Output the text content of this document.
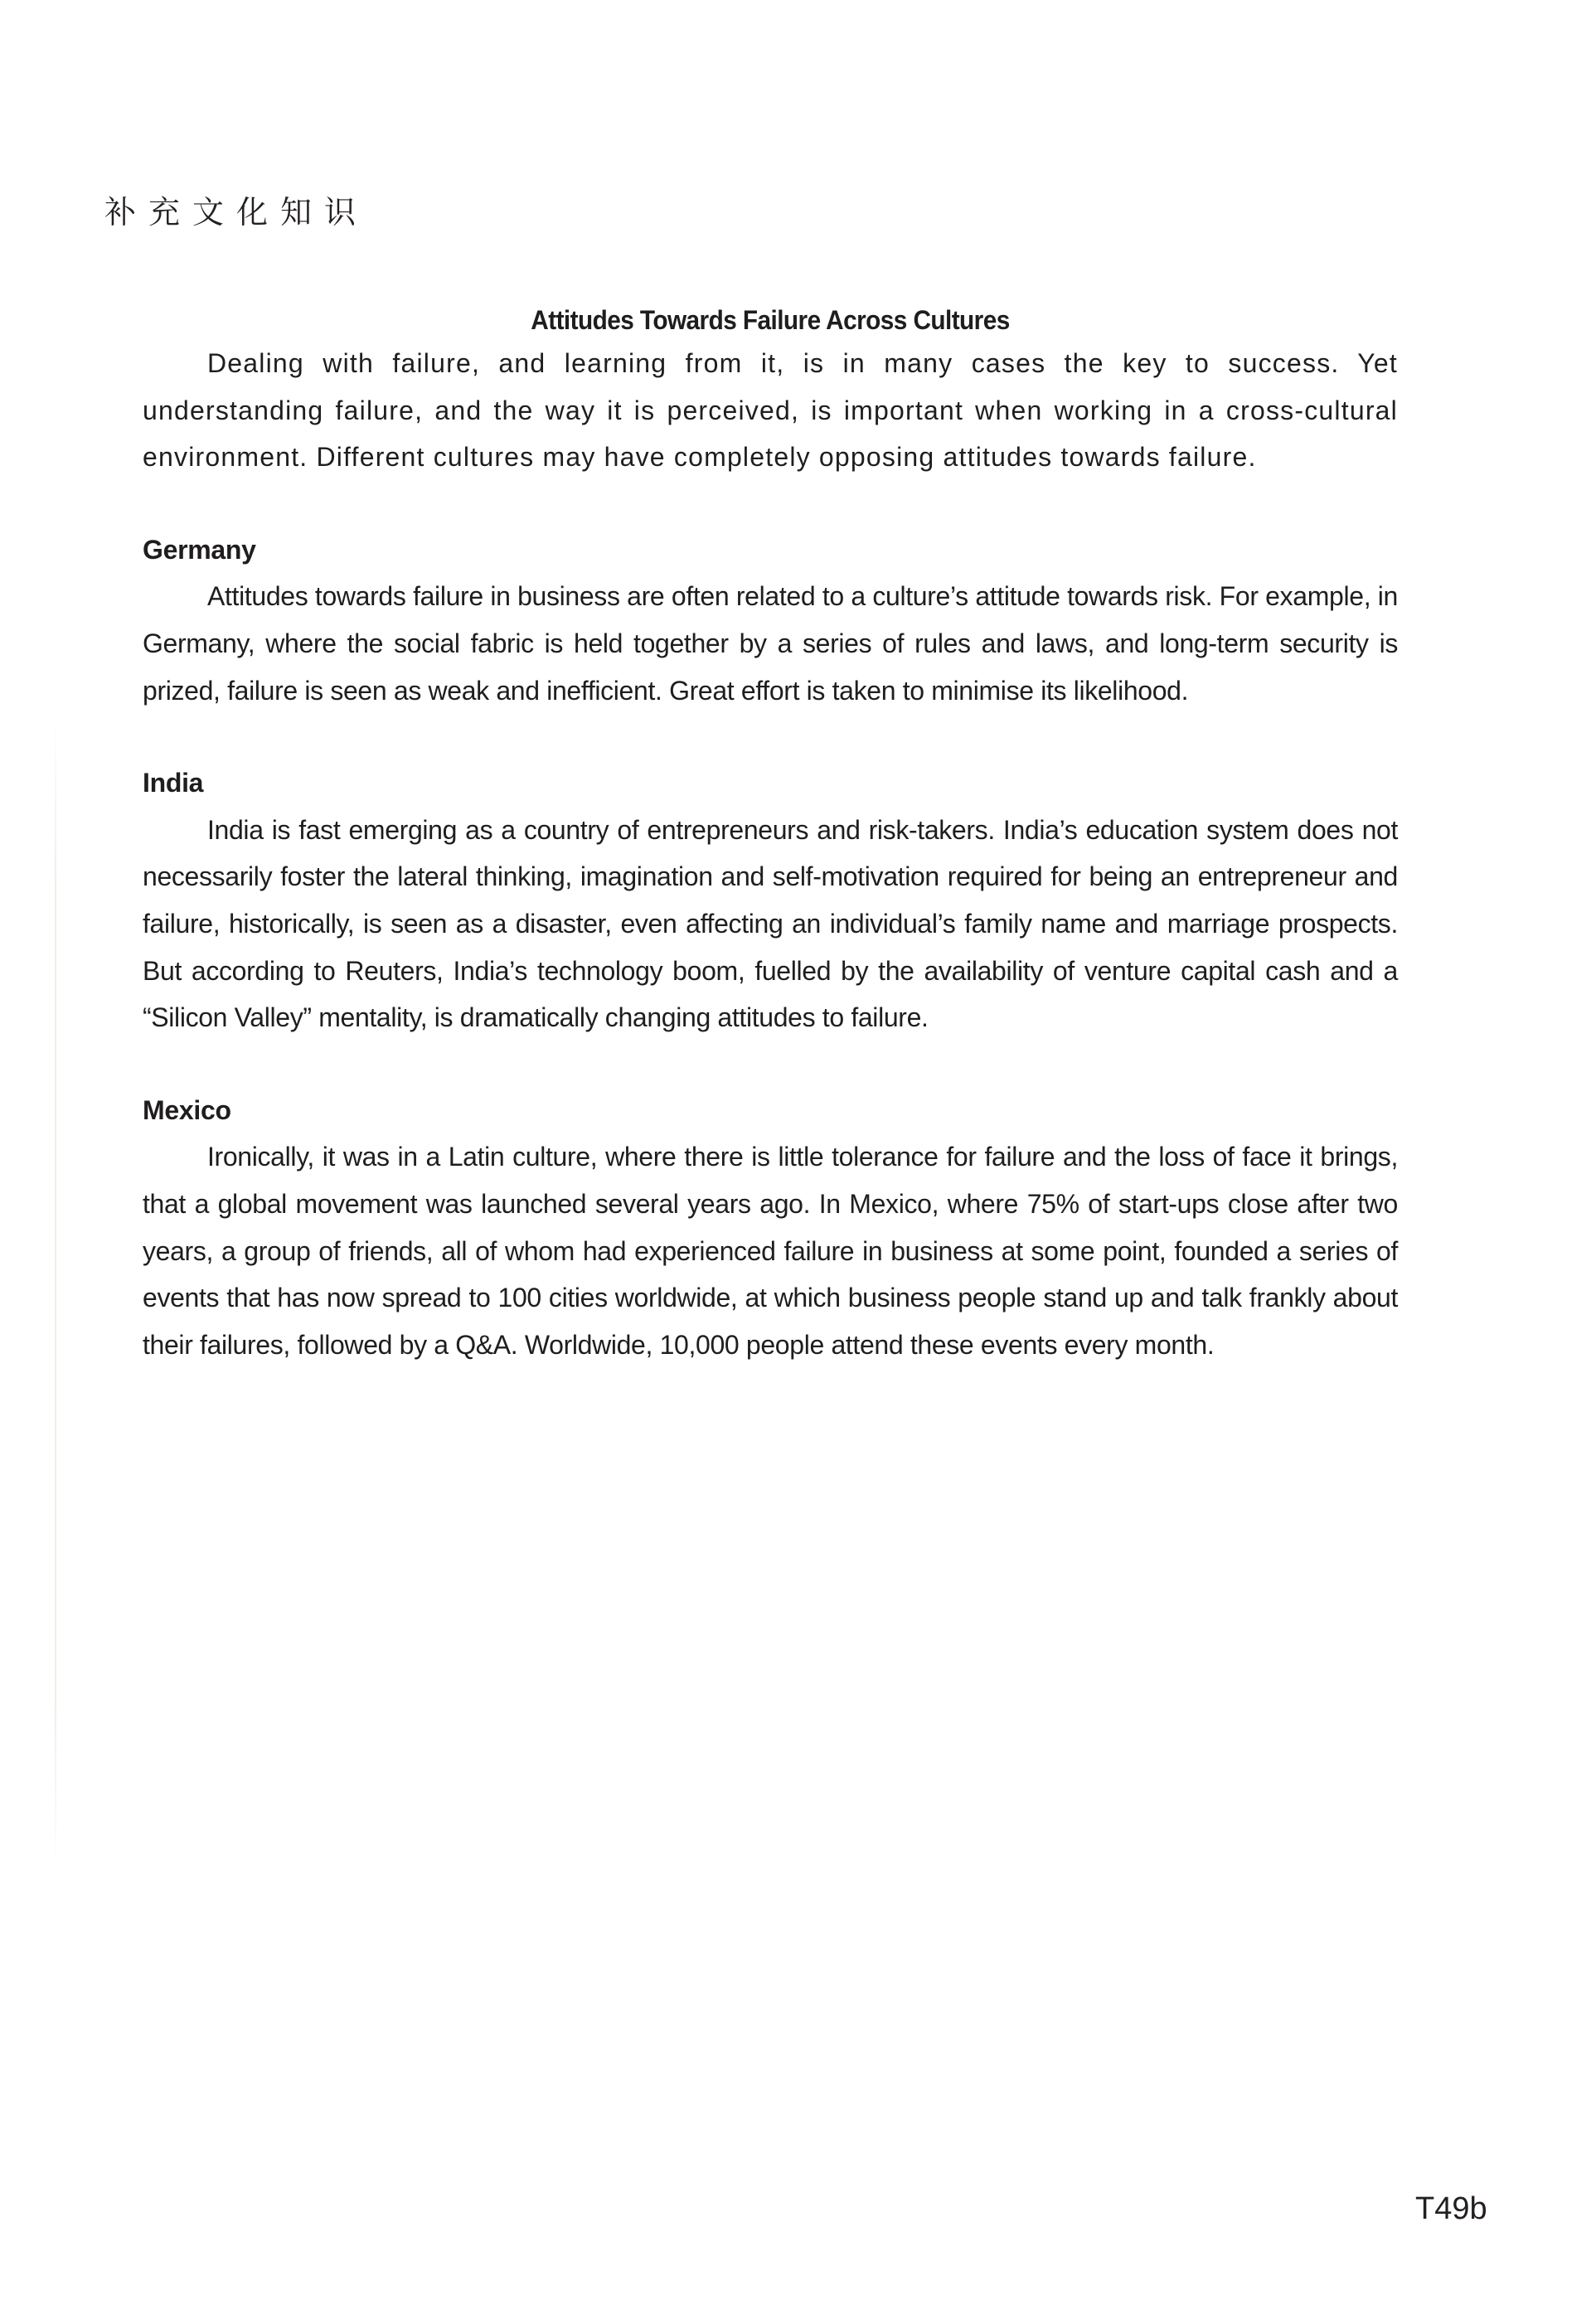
补充文化知识
Attitudes Towards Failure Across Cultures

Dealing with failure, and learning from it, is in many cases the key to success. Yet understanding failure, and the way it is perceived, is important when working in a cross-cultural environment. Different cultures may have completely opposing attitudes towards failure.

Germany

Attitudes towards failure in business are often related to a culture’s attitude towards risk. For example, in Germany, where the social fabric is held together by a series of rules and laws, and long-term security is prized, failure is seen as weak and inefficient. Great effort is taken to minimise its likelihood.

India

India is fast emerging as a country of entrepreneurs and risk-takers. India’s education system does not necessarily foster the lateral thinking, imagination and self-motivation required for being an entrepreneur and failure, historically, is seen as a disaster, even affecting an individual’s family name and marriage prospects. But according to Reuters, India’s technology boom, fuelled by the availability of venture capital cash and a “Silicon Valley” mentality, is dramatically changing attitudes to failure.

Mexico

Ironically, it was in a Latin culture, where there is little tolerance for failure and the loss of face it brings, that a global movement was launched several years ago. In Mexico, where 75% of start-ups close after two years, a group of friends, all of whom had experienced failure in business at some point, founded a series of events that has now spread to 100 cities worldwide, at which business people stand up and talk frankly about their failures, followed by a Q&A. Worldwide, 10,000 people attend these events every month.

T49b
